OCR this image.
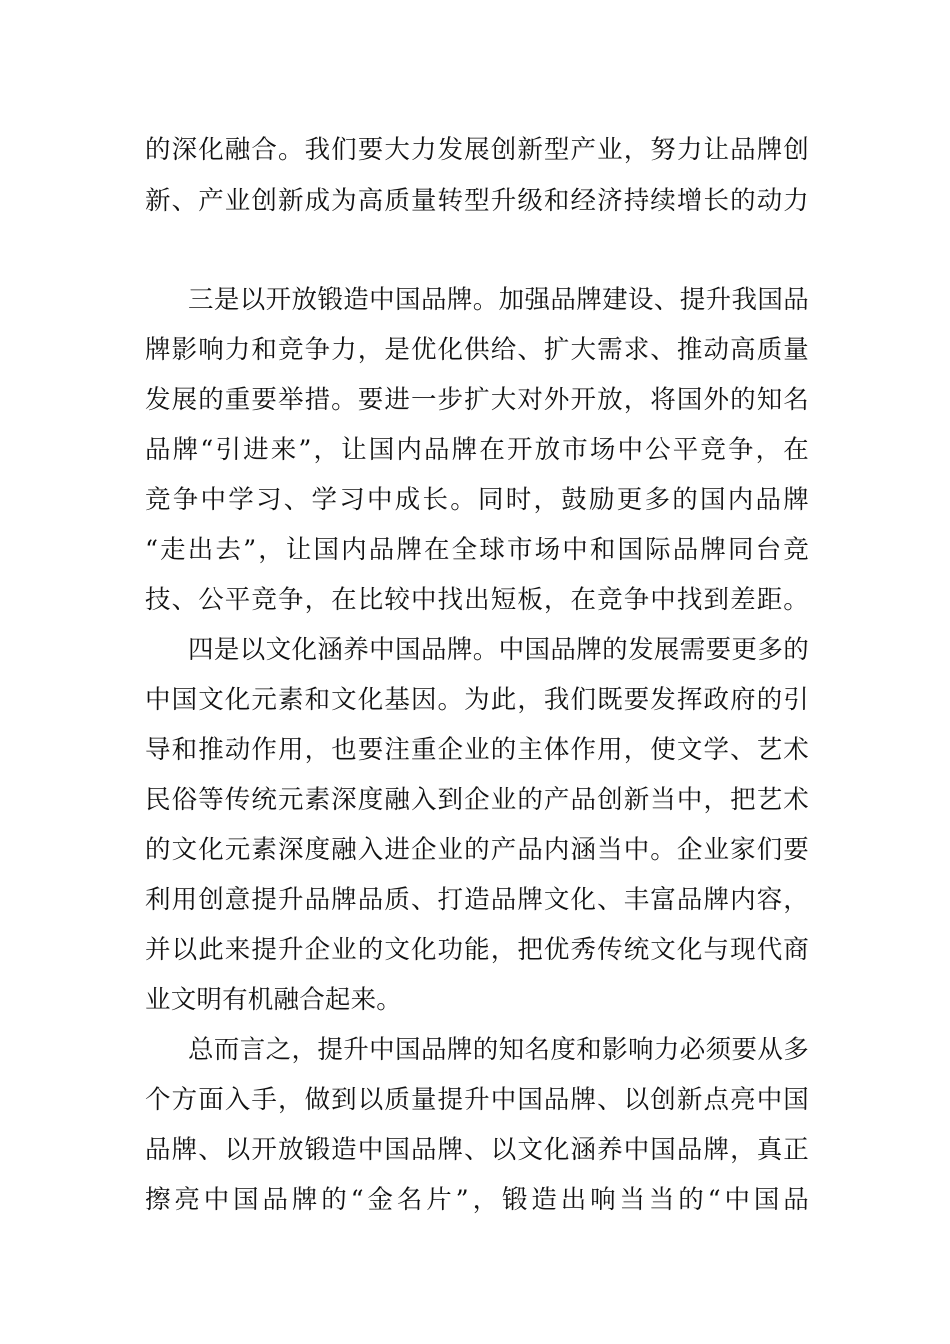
的深化融合。我们要大力发展创新型产业，努力让品牌创
新、产业创新成为高质量转型升级和经济持续增长的动力
三是以开放锻造中国品牌。加强品牌建设、提升我国品
牌影响力和竞争力，是优化供给、扩大需求、推动高质量
发展的重要举措。要进一步扩大对外开放，将国外的知名
品牌“引进来”，让国内品牌在开放市场中公平竞争，在
竞争中学习、学习中成长。同时，鼓励更多的国内品牌
“走出去”，让国内品牌在全球市场中和国际品牌同台竞
技、公平竞争，在比较中找出短板，在竞争中找到差距。
四是以文化涵养中国品牌。中国品牌的发展需要更多的
中国文化元素和文化基因。为此，我们既要发挥政府的引
导和推动作用，也要注重企业的主体作用，使文学、艺术
民俗等传统元素深度融入到企业的产品创新当中，把艺术
的文化元素深度融入进企业的产品内涵当中。企业家们要
利用创意提升品牌品质、打造品牌文化、丰富品牌内容，
并以此来提升企业的文化功能，把优秀传统文化与现代商
业文明有机融合起来。
总而言之，提升中国品牌的知名度和影响力必须要从多
个方面入手，做到以质量提升中国品牌、以创新点亮中国
品牌、以开放锻造中国品牌、以文化涵养中国品牌，真正
擦亮中国品牌的“金名片”，锻造出响当当的“中国品
